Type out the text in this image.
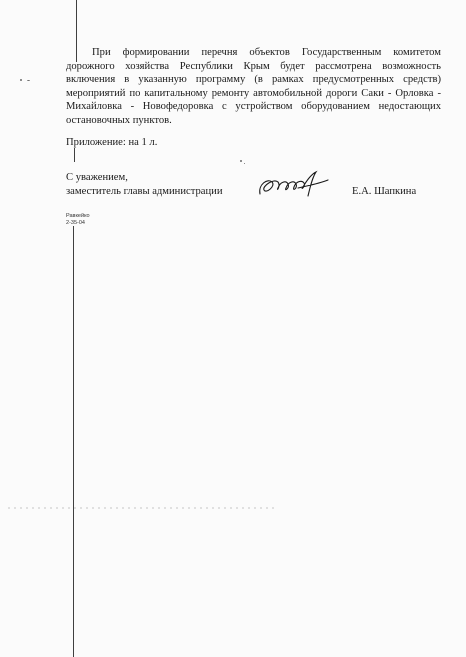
При формировании перечня объектов Государственным комитетом дорожного хозяйства Республики Крым будет рассмотрена возможность включения в указанную программу (в рамках предусмотренных средств) мероприятий по капитальному ремонту автомобильной дороги Саки - Орловка - Михайловка - Новофедоровка с устройством оборудованием недостающих остановочных пунктов.

Приложение: на 1 л.

С уважением,
заместитель главы администрации	Е.А. Шапкина
Равкейко
2-35-04
